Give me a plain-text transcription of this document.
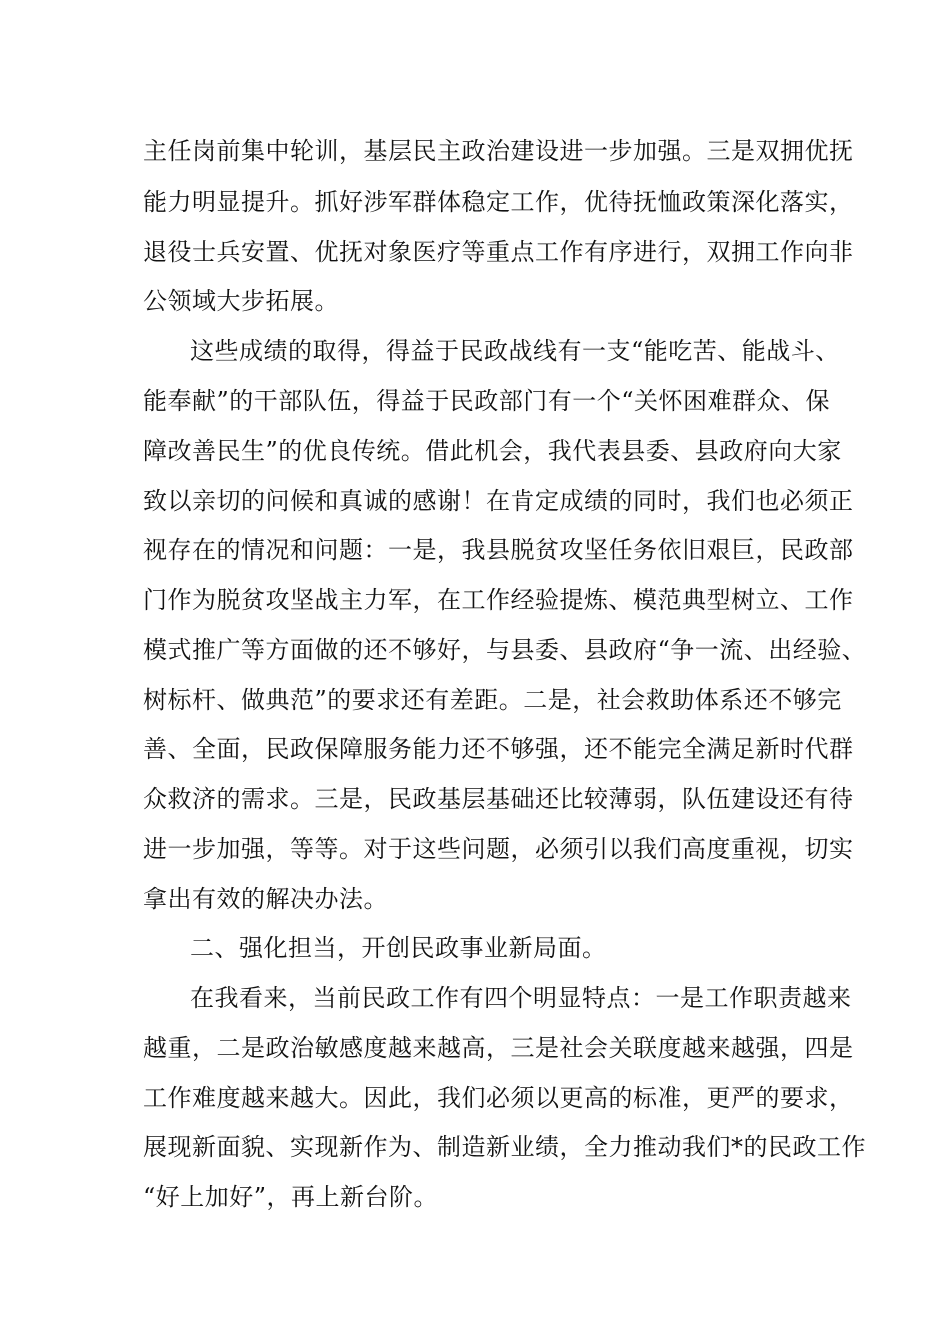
主任岗前集中轮训，基层民主政治建设进一步加强。三是双拥优抚
能力明显提升。抓好涉军群体稳定工作，优待抚恤政策深化落实，
退役士兵安置、优抚对象医疗等重点工作有序进行，双拥工作向非
公领域大步拓展。
这些成绩的取得，得益于民政战线有一支“能吃苦、能战斗、
能奉献”的干部队伍，得益于民政部门有一个“关怀困难群众、保
障改善民生”的优良传统。借此机会，我代表县委、县政府向大家
致以亲切的问候和真诚的感谢！在肯定成绩的同时，我们也必须正
视存在的情况和问题：一是，我县脱贫攻坚任务依旧艰巨，民政部
门作为脱贫攻坚战主力军，在工作经验提炼、模范典型树立、工作
模式推广等方面做的还不够好，与县委、县政府“争一流、出经验、
树标杆、做典范”的要求还有差距。二是，社会救助体系还不够完
善、全面，民政保障服务能力还不够强，还不能完全满足新时代群
众救济的需求。三是，民政基层基础还比较薄弱，队伍建设还有待
进一步加强，等等。对于这些问题，必须引以我们高度重视，切实
拿出有效的解决办法。
二、强化担当，开创民政事业新局面。
在我看来，当前民政工作有四个明显特点：一是工作职责越来
越重，二是政治敏感度越来越高，三是社会关联度越来越强，四是
工作难度越来越大。因此，我们必须以更高的标准，更严的要求，
展现新面貌、实现新作为、制造新业绩，全力推动我们*的民政工作
“好上加好”，再上新台阶。
